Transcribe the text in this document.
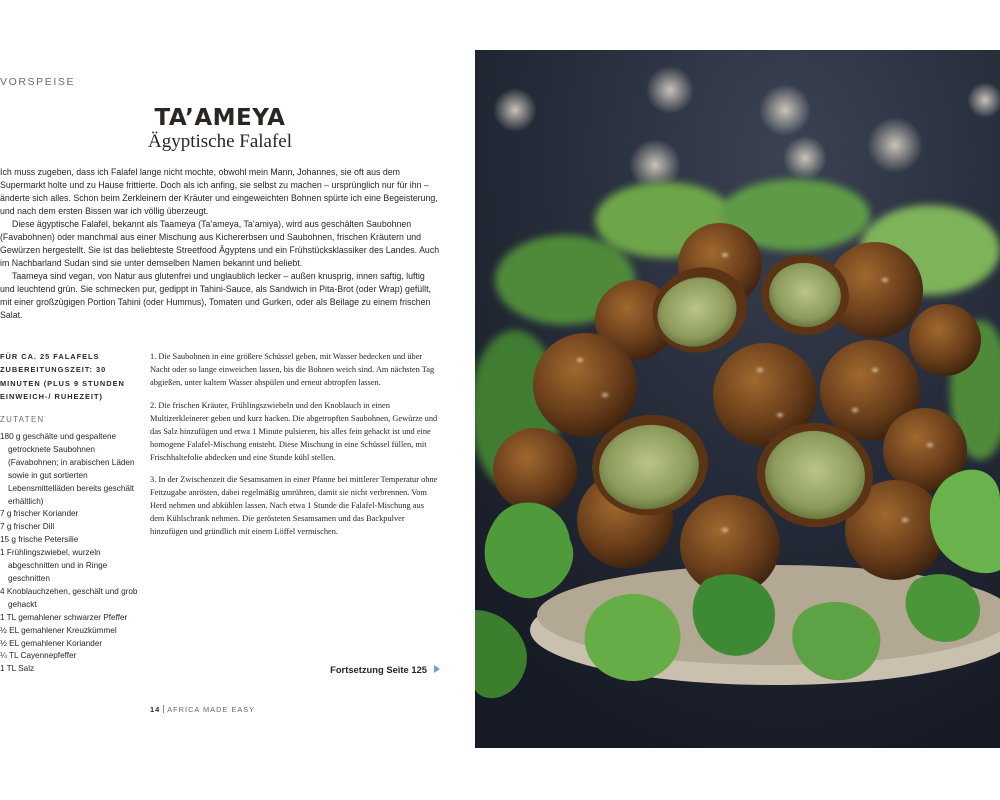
VORSPEISE
TA’AMEYA
Ägyptische Falafel

Ich muss zugeben, dass ich Falafel lange nicht mochte, obwohl mein Mann, Johannes, sie oft aus dem Supermarkt holte und zu Hause frittierte. Doch als ich anfing, sie selbst zu machen – ursprünglich nur für ihn – änderte sich alles. Schon beim Zerkleinern der Kräuter und eingeweichten Bohnen spürte ich eine Begeisterung, und nach dem ersten Bissen war ich völlig überzeugt.

Diese ägyptische Falafel, bekannt als Taameya (Ta’ameya, Ta’amiya), wird aus geschälten Saubohnen (Favabohnen) oder manchmal aus einer Mischung aus Kichererbsen und Saubohnen, frischen Kräutern und Gewürzen hergestellt. Sie ist das beliebteste Streetfood Ägyptens und ein Frühstücksklassiker des Landes. Auch im Nachbarland Sudan sind sie unter demselben Namen bekannt und beliebt.

Taameya sind vegan, von Natur aus glutenfrei und unglaublich lecker – außen knusprig, innen saftig, luftig und leuchtend grün. Sie schmecken pur, gedippt in Tahini-Sauce, als Sandwich in Pita-Brot (oder Wrap) gefüllt, mit einer großzügigen Portion Tahini (oder Hummus), Tomaten und Gurken, oder als Beilage zu einem frischen Salat.

FÜR CA. 25 FALAFELS
ZUBEREITUNGSZEIT: 30 MINUTEN (PLUS 9 STUNDEN EINWEICH-/ RUHEZEIT)
ZUTATEN
180 g geschälte und gespaltene getrocknete Saubohnen (Favabohnen; in arabischen Läden sowie in gut sortierten Lebensmittelläden bereits geschält erhältlich)
7 g frischer Koriander
7 g frischer Dill
15 g frische Petersilie
1 Frühlingszwiebel, wurzeln abgeschnitten und in Ringe geschnitten
4 Knoblauchzehen, geschält und grob gehackt
1 TL gemahlener schwarzer Pfeffer
½ EL gemahlener Kreuzkümmel
½ EL gemahlener Koriander
¼ TL Cayennepfeffer
1 TL Salz

1. Die Saubohnen in eine größere Schüssel geben, mit Wasser bedecken und über Nacht oder so lange einweichen lassen, bis die Bohnen weich sind. Am nächsten Tag abgießen, unter kaltem Wasser abspülen und erneut abtropfen lassen.

2. Die frischen Kräuter, Frühlingszwiebeln und den Knoblauch in einen Multizerkleinerer geben und kurz hacken. Die abgetropften Saubohnen, Gewürze und das Salz hinzufügen und etwa 1 Minute pulsieren, bis alles fein gehackt ist und eine homogene Falafel-Mischung entsteht. Diese Mischung in eine Schüssel füllen, mit Frischhaltefolie abdecken und eine Stunde kühl stellen.

3. In der Zwischenzeit die Sesamsamen in einer Pfanne bei mittlerer Temperatur ohne Fettzugabe anrösten, dabei regelmäßig umrühren, damit sie nicht verbrennen. Vom Herd nehmen und abkühlen lassen. Nach etwa 1 Stunde die Falafel-Mischung aus dem Kühlschrank nehmen. Die gerösteten Sesamsamen und das Backpulver hinzufügen und gründlich mit einem Löffel vermischen.

Fortsetzung Seite 125
14 AFRICA MADE EASY
